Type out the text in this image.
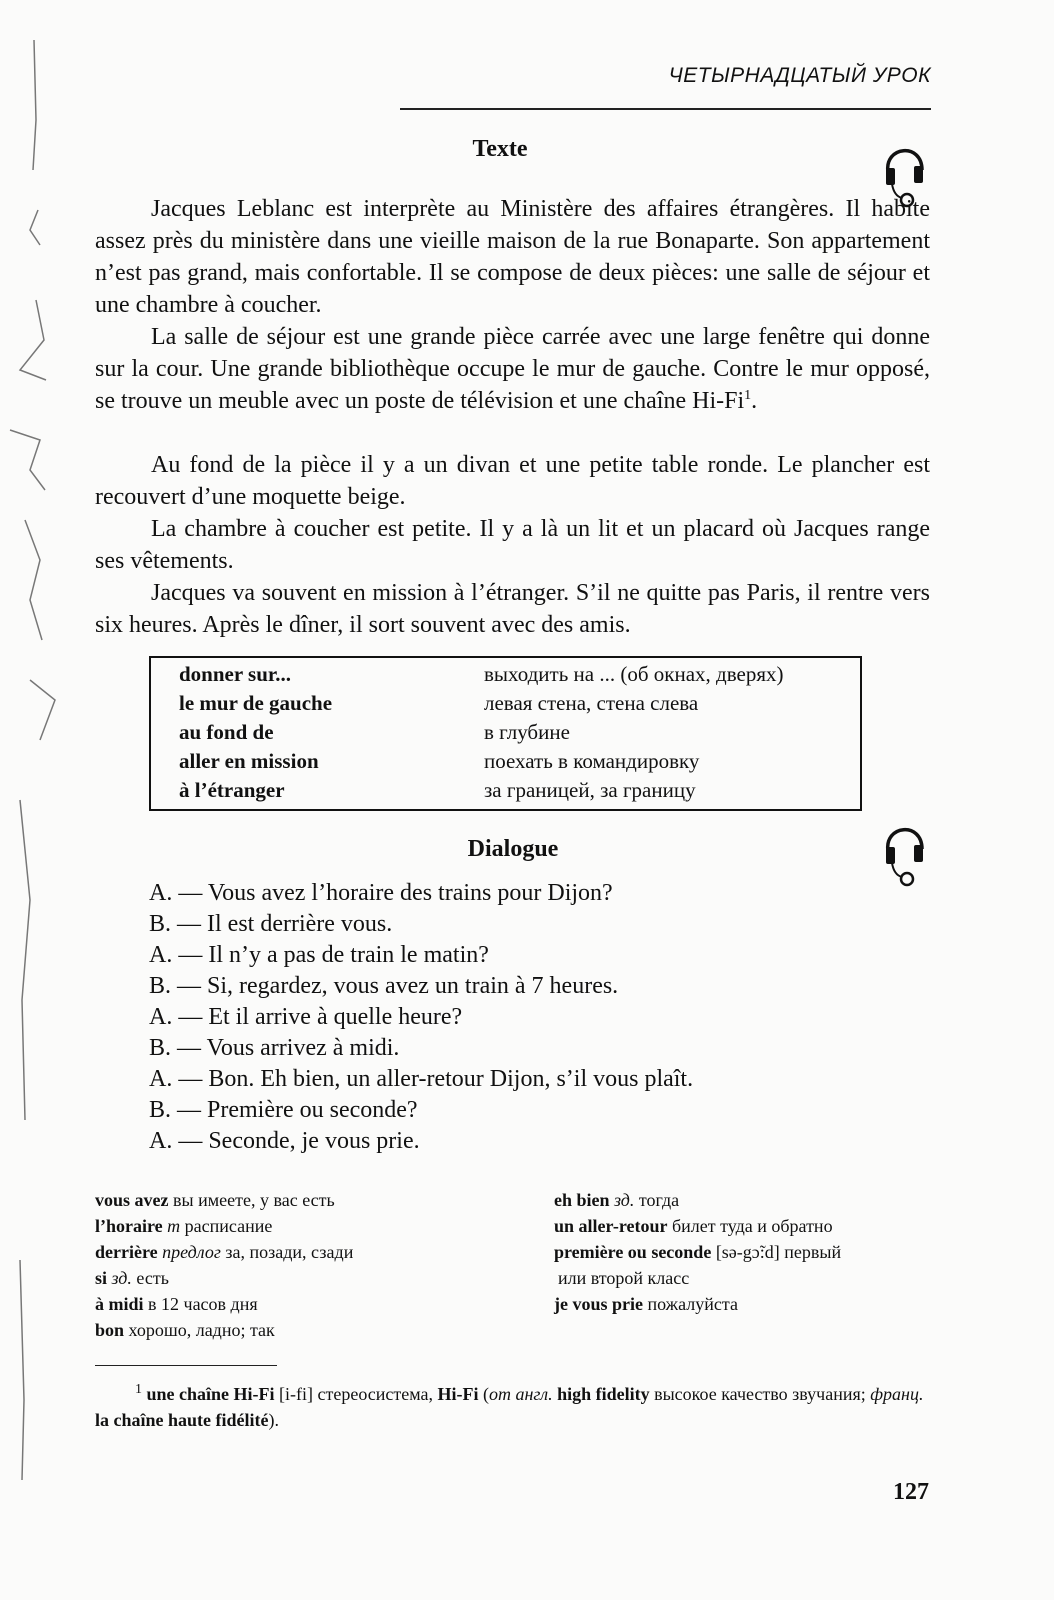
ЧЕТЫРНАДЦАТЫЙ УРОК
Texte
Jacques Leblanc est interprète au Ministère des affaires étrangères. Il habite assez près du ministère dans une vieille maison de la rue Bonaparte. Son appartement n’est pas grand, mais confortable. Il se compose de deux pièces: une salle de séjour et une chambre à coucher.
La salle de séjour est une grande pièce carrée avec une large fenêtre qui donne sur la cour. Une grande bibliothèque occupe le mur de gauche. Contre le mur opposé, se trouve un meuble avec un poste de télévision et une chaîne Hi-Fi$^1$.
Au fond de la pièce il y a un divan et une petite table ronde. Le plancher est recouvert d’une moquette beige.
La chambre à coucher est petite. Il y a là un lit et un placard où Jacques range ses vêtements.
Jacques va souvent en mission à l’étranger. S’il ne quitte pas Paris, il rentre vers six heures. Après le dîner, il sort souvent avec des amis.
donner sur...	выходить на ... (об окнах, дверях)
le mur de gauche	левая стена, стена слева
au fond de	в глубине
aller en mission	поехать в командировку
à l’étranger	за границей, за границу
Dialogue
A. — Vous avez l’horaire des trains pour Dijon?
B. — Il est derrière vous.
A. — Il n’y a pas de train le matin?
B. — Si, regardez, vous avez un train à 7 heures.
A. — Et il arrive à quelle heure?
B. — Vous arrivez à midi.
A. — Bon. Eh bien, un aller-retour Dijon, s’il vous plaît.
B. — Première ou seconde?
A. — Seconde, je vous prie.
vous avez вы имеете, у вас есть
l’horaire m расписание
derrière предлог за, позади, сзади
si зд. есть
à midi в 12 часов дня
bon хорошо, ладно; так
eh bien зд. тогда
un aller-retour билет туда и обратно
première ou seconde [sə-gɔ̃:d] первый
или второй класс
je vous prie пожалуйста
$^1$ une chaîne Hi-Fi [i-fi] стереосистема, Hi-Fi (от англ. high fidelity высокое качество звучания; франц. la chaîne haute fidélité).
127
